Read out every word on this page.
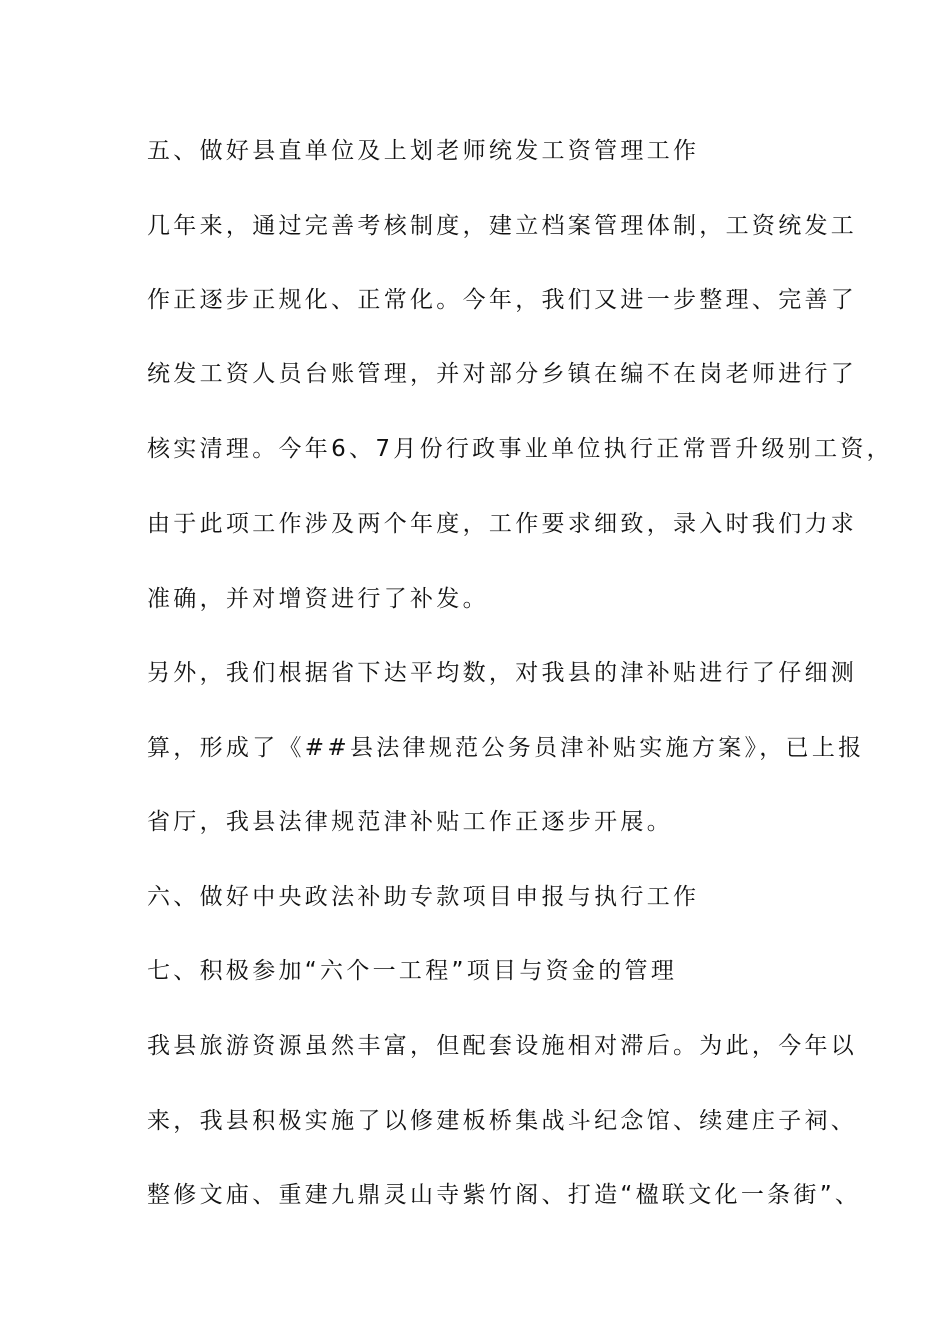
五、做好县直单位及上划老师统发工资管理工作
几年来，通过完善考核制度，建立档案管理体制，工资统发工
作正逐步正规化、正常化。今年，我们又进一步整理、完善了
统发工资人员台账管理，并对部分乡镇在编不在岗老师进行了
核实清理。今年6、7月份行政事业单位执行正常晋升级别工资，
由于此项工作涉及两个年度，工作要求细致，录入时我们力求
准确，并对增资进行了补发。
另外，我们根据省下达平均数，对我县的津补贴进行了仔细测
算，形成了《##县法律规范公务员津补贴实施方案》，已上报
省厅，我县法律规范津补贴工作正逐步开展。
六、做好中央政法补助专款项目申报与执行工作
七、积极参加“六个一工程”项目与资金的管理
我县旅游资源虽然丰富，但配套设施相对滞后。为此，今年以
来，我县积极实施了以修建板桥集战斗纪念馆、续建庄子祠、
整修文庙、重建九鼎灵山寺紫竹阁、打造“楹联文化一条街”、
